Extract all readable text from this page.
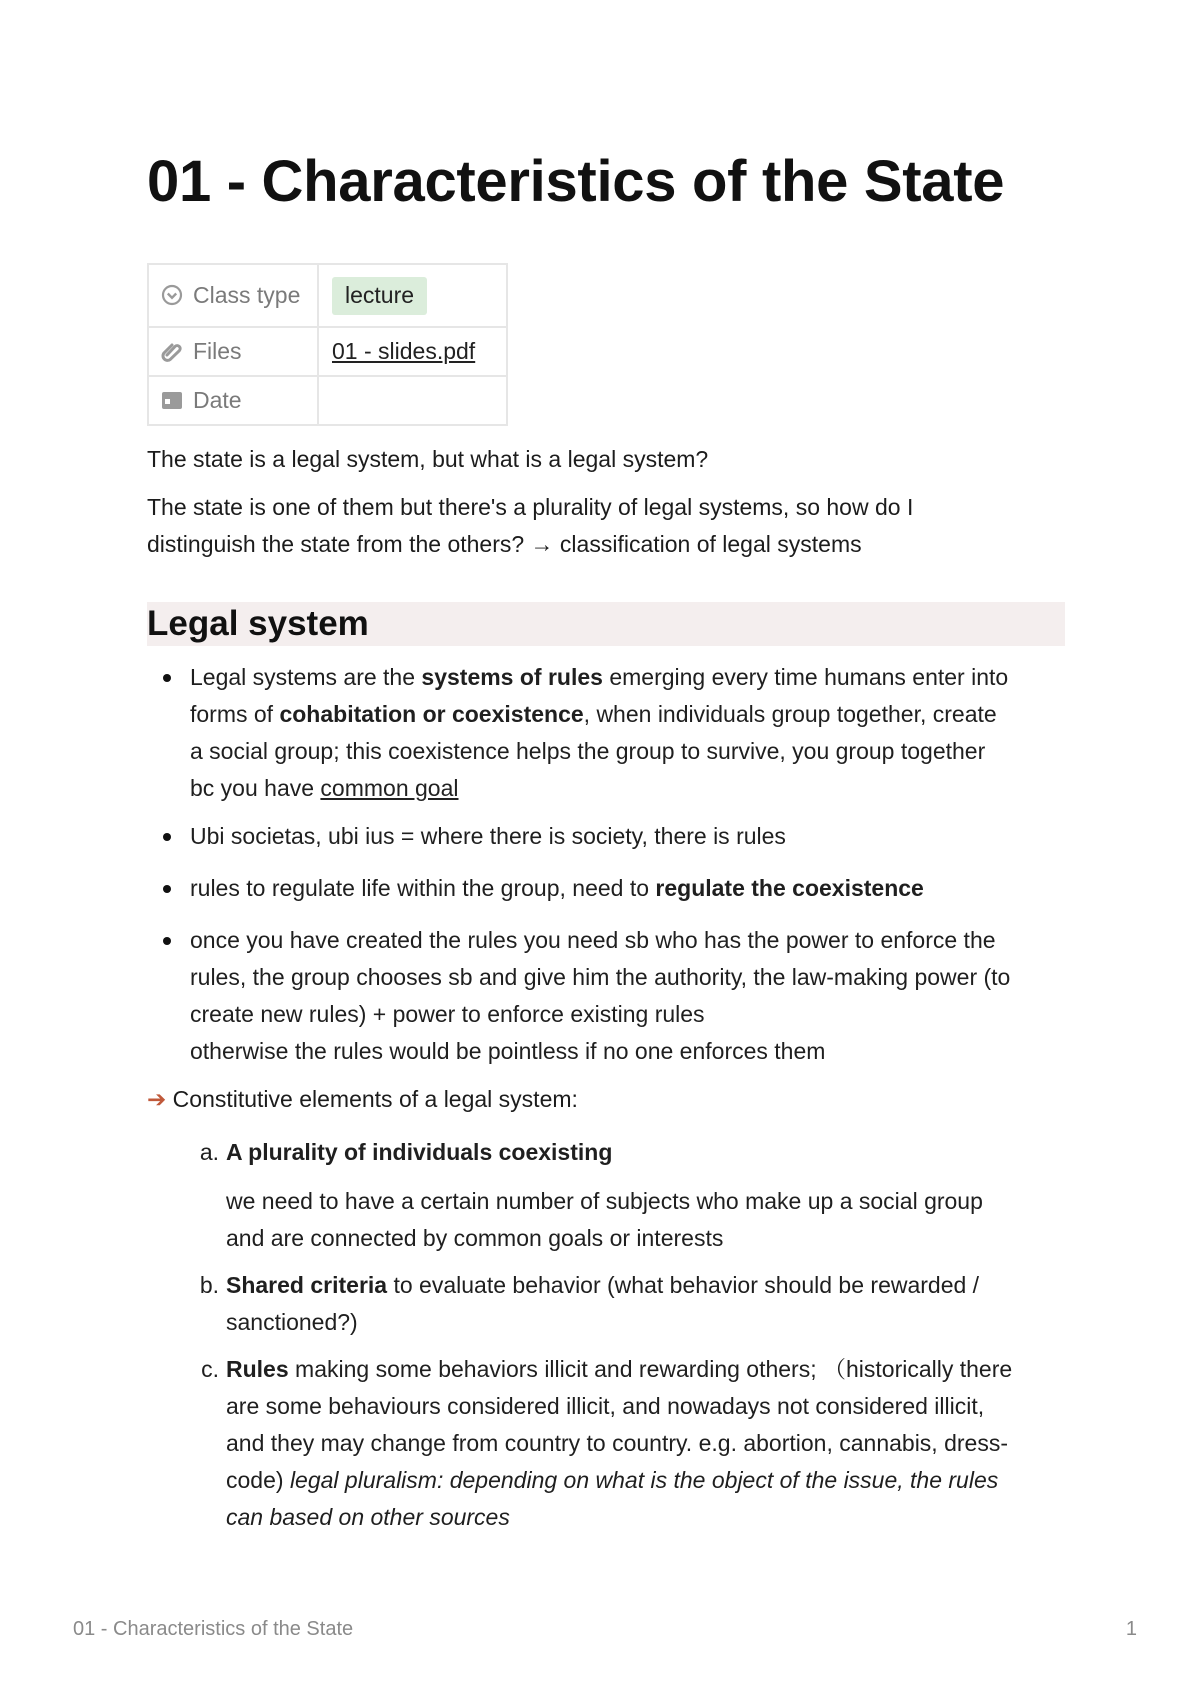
01 - Characteristics of the State
Class type	lecture
Files	01 - slides.pdf
Date	
The state is a legal system, but what is a legal system?
The state is one of them but there's a plurality of legal systems, so how do I
distinguish the state from the others? → classification of legal systems
Legal system
Legal systems are the systems of rules emerging every time humans enter into
forms of cohabitation or coexistence, when individuals group together, create
a social group; this coexistence helps the group to survive, you group together
bc you have common goal
Ubi societas, ubi ius = where there is society, there is rules
rules to regulate life within the group, need to regulate the coexistence
once you have created the rules you need sb who has the power to enforce the
rules, the group chooses sb and give him the authority, the law-making power (to
create new rules) + power to enforce existing rules
otherwise the rules would be pointless if no one enforces them
➔ Constitutive elements of a legal system:
a. A plurality of individuals coexisting
we need to have a certain number of subjects who make up a social group
and are connected by common goals or interests
b. Shared criteria to evaluate behavior (what behavior should be rewarded /
sanctioned?)
c. Rules making some behaviors illicit and rewarding others; （historically there
are some behaviours considered illicit, and nowadays not considered illicit,
and they may change from country to country. e.g. abortion, cannabis, dress-
code) legal pluralism: depending on what is the object of the issue, the rules
can based on other sources
01 - Characteristics of the State	1
